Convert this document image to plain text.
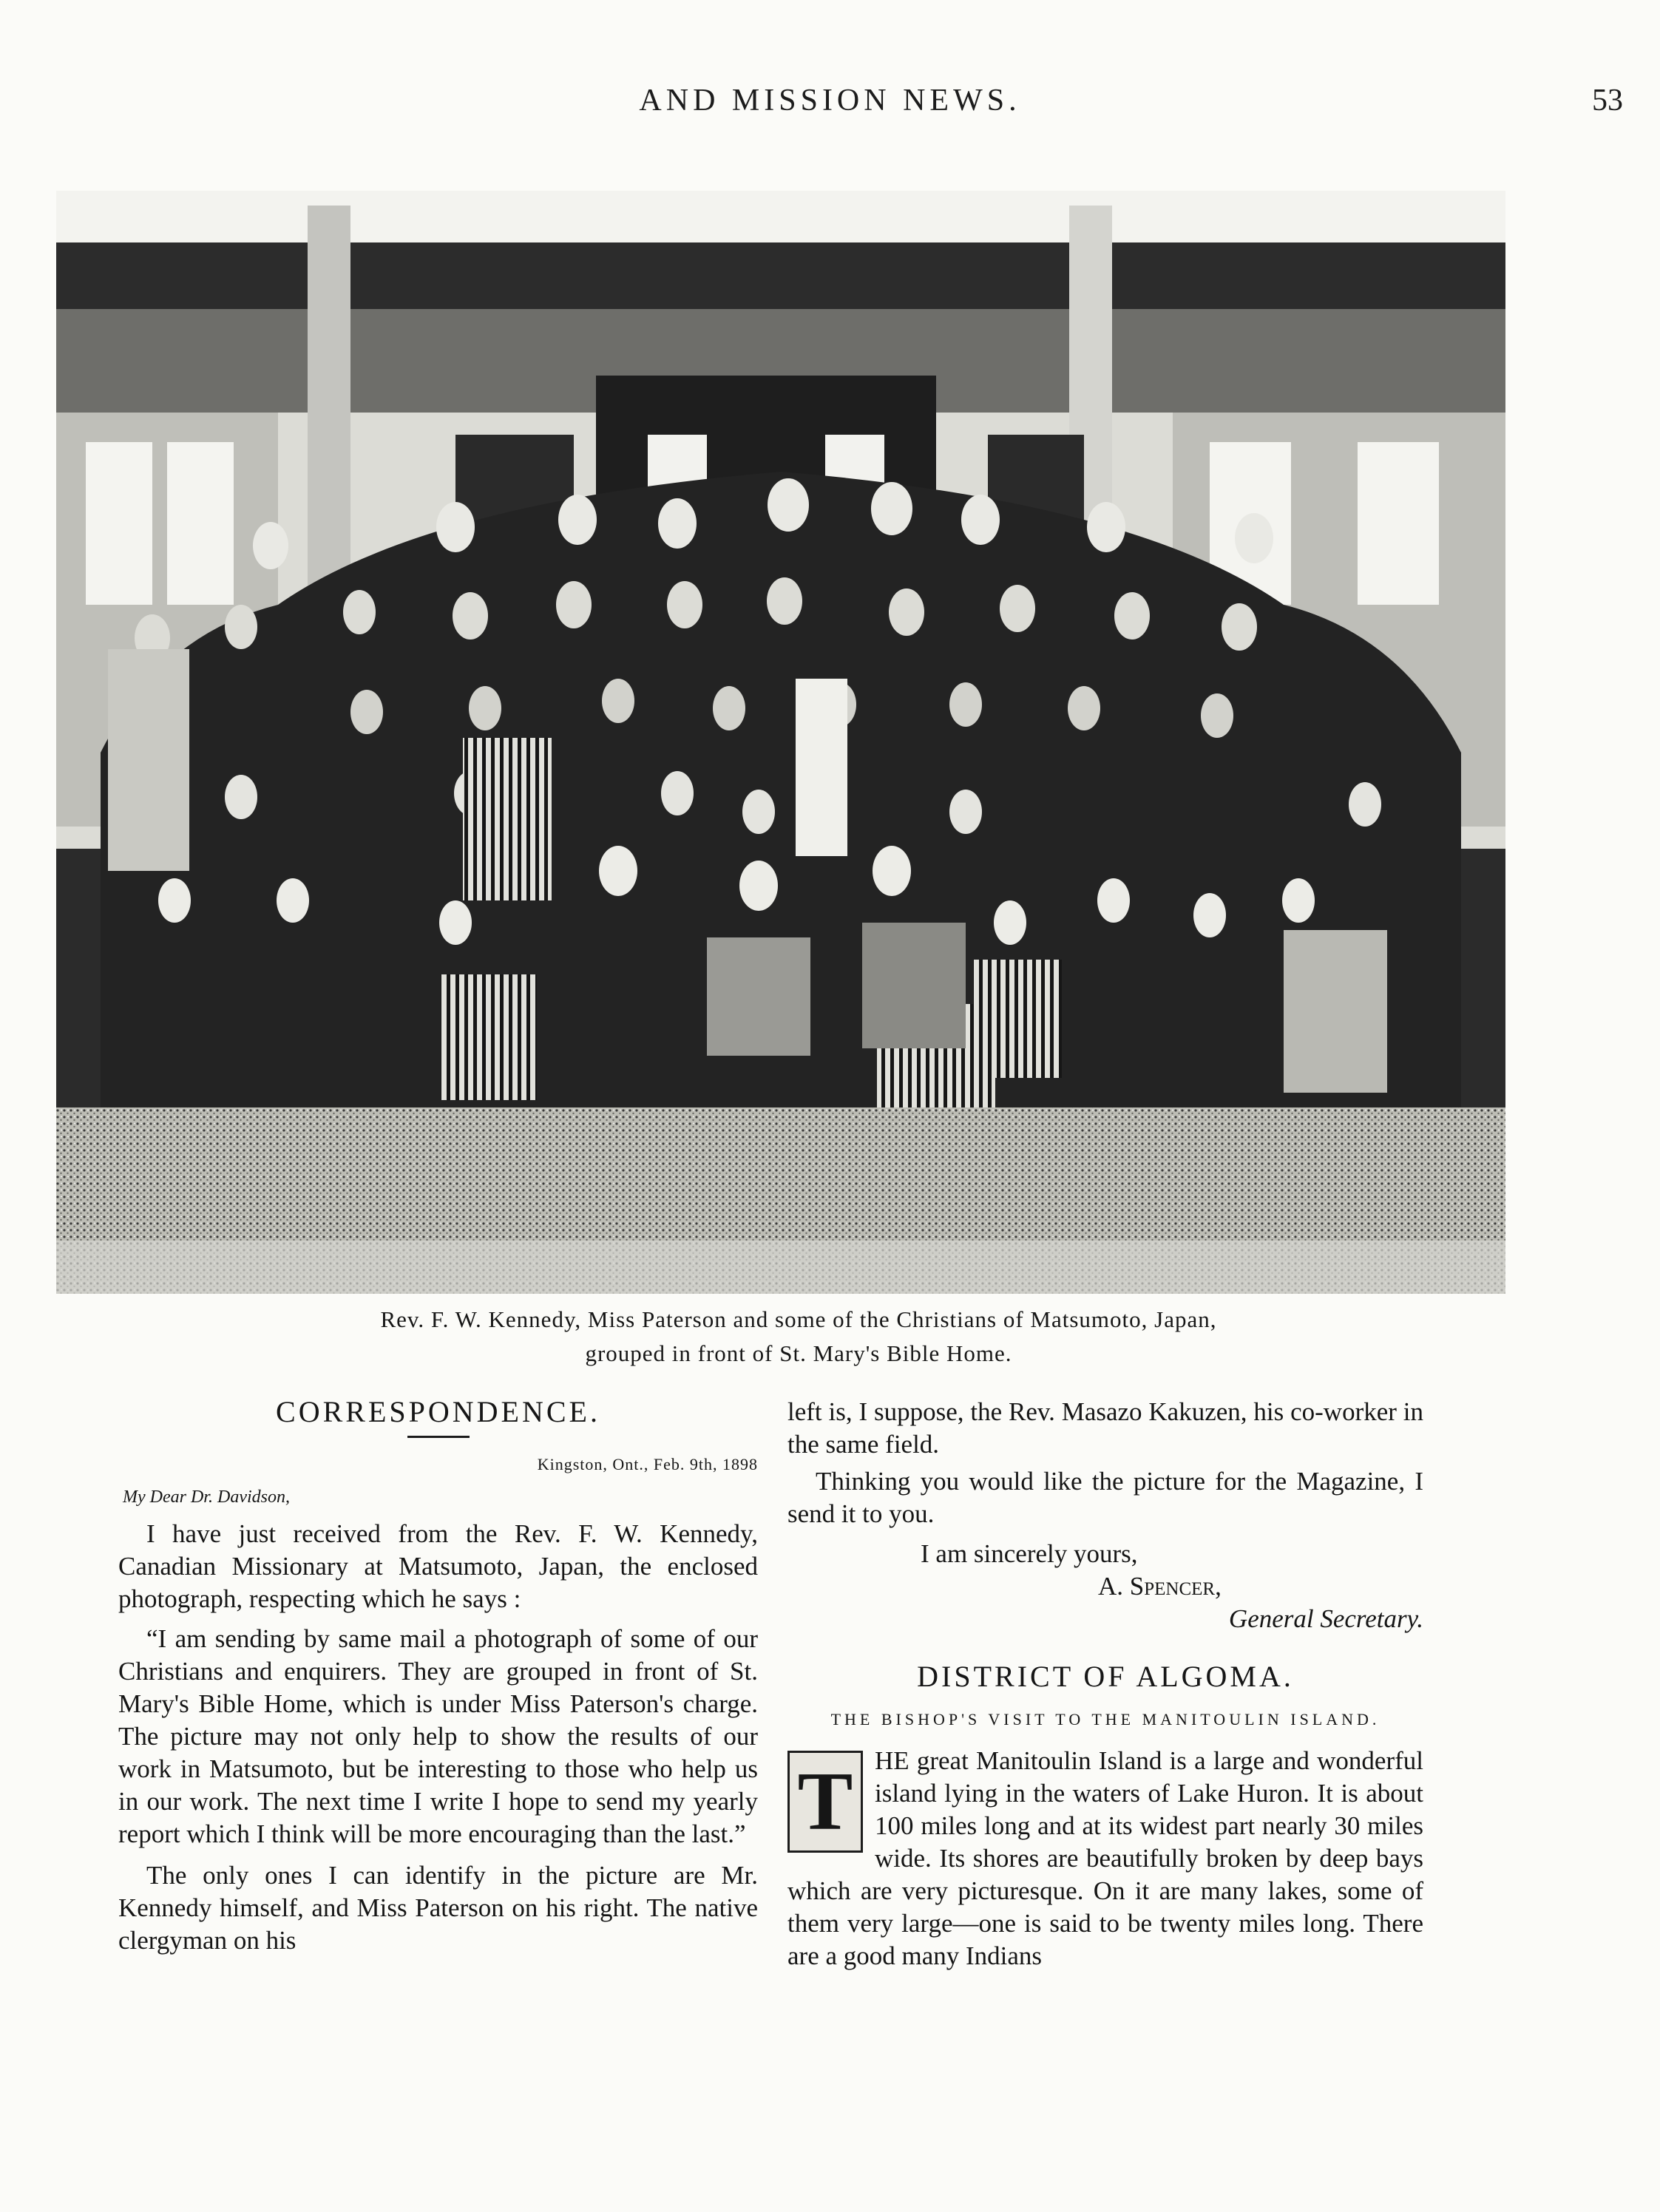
AND MISSION NEWS.	53

Rev. F. W. Kennedy, Miss Paterson and some of the Christians of Matsumoto, Japan,

grouped in front of St. Mary's Bible Home.

CORRESPONDENCE.

Kingston, Ont., Feb. 9th, 1898

My Dear Dr. Davidson,

I have just received from the Rev. F. W. Kennedy, Canadian Missionary at Matsumoto, Japan, the enclosed photograph, respecting which he says :

“I am sending by same mail a photograph of some of our Christians and enquirers. They are grouped in front of St. Mary's Bible Home, which is under Miss Paterson's charge. The picture may not only help to show the results of our work in Matsumoto, but be interesting to those who help us in our work. The next time I write I hope to send my yearly report which I think will be more encouraging than the last.”

The only ones I can identify in the picture are Mr. Kennedy himself, and Miss Paterson on his right. The native clergyman on his

left is, I suppose, the Rev. Masazo Kakuzen, his co-worker in the same field.

Thinking you would like the picture for the Magazine, I send it to you.

I am sincerely yours,

A. Spencer,

General Secretary.

DISTRICT OF ALGOMA.
THE BISHOP'S VISIT TO THE MANITOULIN ISLAND.

T HE great Manitoulin Island is a large and wonderful island lying in the waters of Lake Huron. It is about 100 miles long and at its widest part nearly 30 miles wide. Its shores are beautifully broken by deep bays which are very picturesque. On it are many lakes, some of them very large—one is said to be twenty miles long. There are a good many Indians
